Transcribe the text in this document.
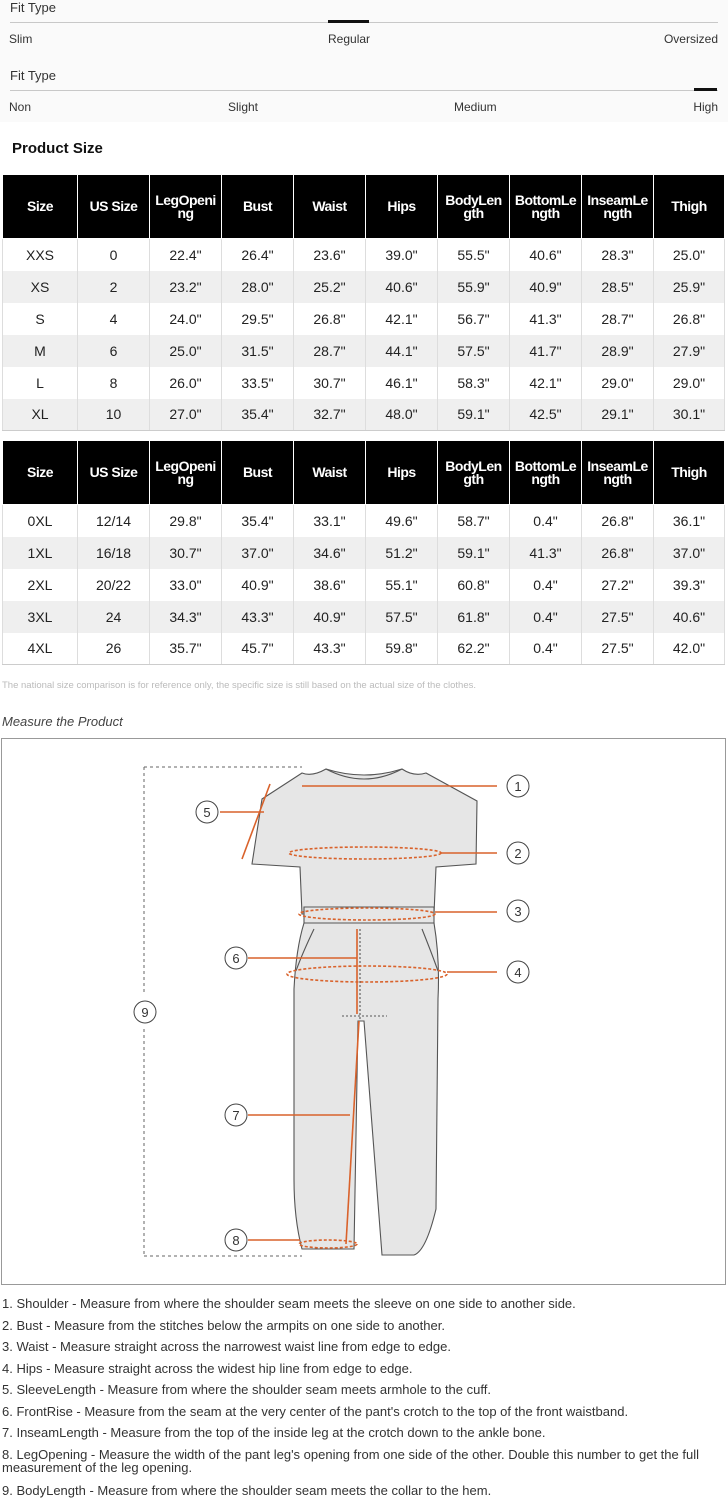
Fit Type
Slim	Regular	Oversized
Fit Type
Non	Slight	Medium	High
Product Size
Size	US Size	LegOpening	Bust	Waist	Hips	BodyLength	BottomLength	InseamLength	Thigh
XXS	0	22.4"	26.4"	23.6"	39.0"	55.5"	40.6"	28.3"	25.0"
XS	2	23.2"	28.0"	25.2"	40.6"	55.9"	40.9"	28.5"	25.9"
S	4	24.0"	29.5"	26.8"	42.1"	56.7"	41.3"	28.7"	26.8"
M	6	25.0"	31.5"	28.7"	44.1"	57.5"	41.7"	28.9"	27.9"
L	8	26.0"	33.5"	30.7"	46.1"	58.3"	42.1"	29.0"	29.0"
XL	10	27.0"	35.4"	32.7"	48.0"	59.1"	42.5"	29.1"	30.1"
Size	US Size	LegOpening	Bust	Waist	Hips	BodyLength	BottomLength	InseamLength	Thigh
0XL	12/14	29.8"	35.4"	33.1"	49.6"	58.7"	0.4"	26.8"	36.1"
1XL	16/18	30.7"	37.0"	34.6"	51.2"	59.1"	41.3"	26.8"	37.0"
2XL	20/22	33.0"	40.9"	38.6"	55.1"	60.8"	0.4"	27.2"	39.3"
3XL	24	34.3"	43.3"	40.9"	57.5"	61.8"	0.4"	27.5"	40.6"
4XL	26	35.7"	45.7"	43.3"	59.8"	62.2"	0.4"	27.5"	42.0"
The national size comparison is for reference only, the specific size is still based on the actual size of the clothes.
Measure the Product
1
2
3
4
5
6
7
8
9
1. Shoulder - Measure from where the shoulder seam meets the sleeve on one side to another side.
2. Bust - Measure from the stitches below the armpits on one side to another.
3. Waist - Measure straight across the narrowest waist line from edge to edge.
4. Hips - Measure straight across the widest hip line from edge to edge.
5. SleeveLength - Measure from where the shoulder seam meets armhole to the cuff.
6. FrontRise - Measure from the seam at the very center of the pant's crotch to the top of the front waistband.
7. InseamLength - Measure from the top of the inside leg at the crotch down to the ankle bone.
8. LegOpening - Measure the width of the pant leg's opening from one side of the other. Double this number to get the full measurement of the leg opening.
9. BodyLength - Measure from where the shoulder seam meets the collar to the hem.
